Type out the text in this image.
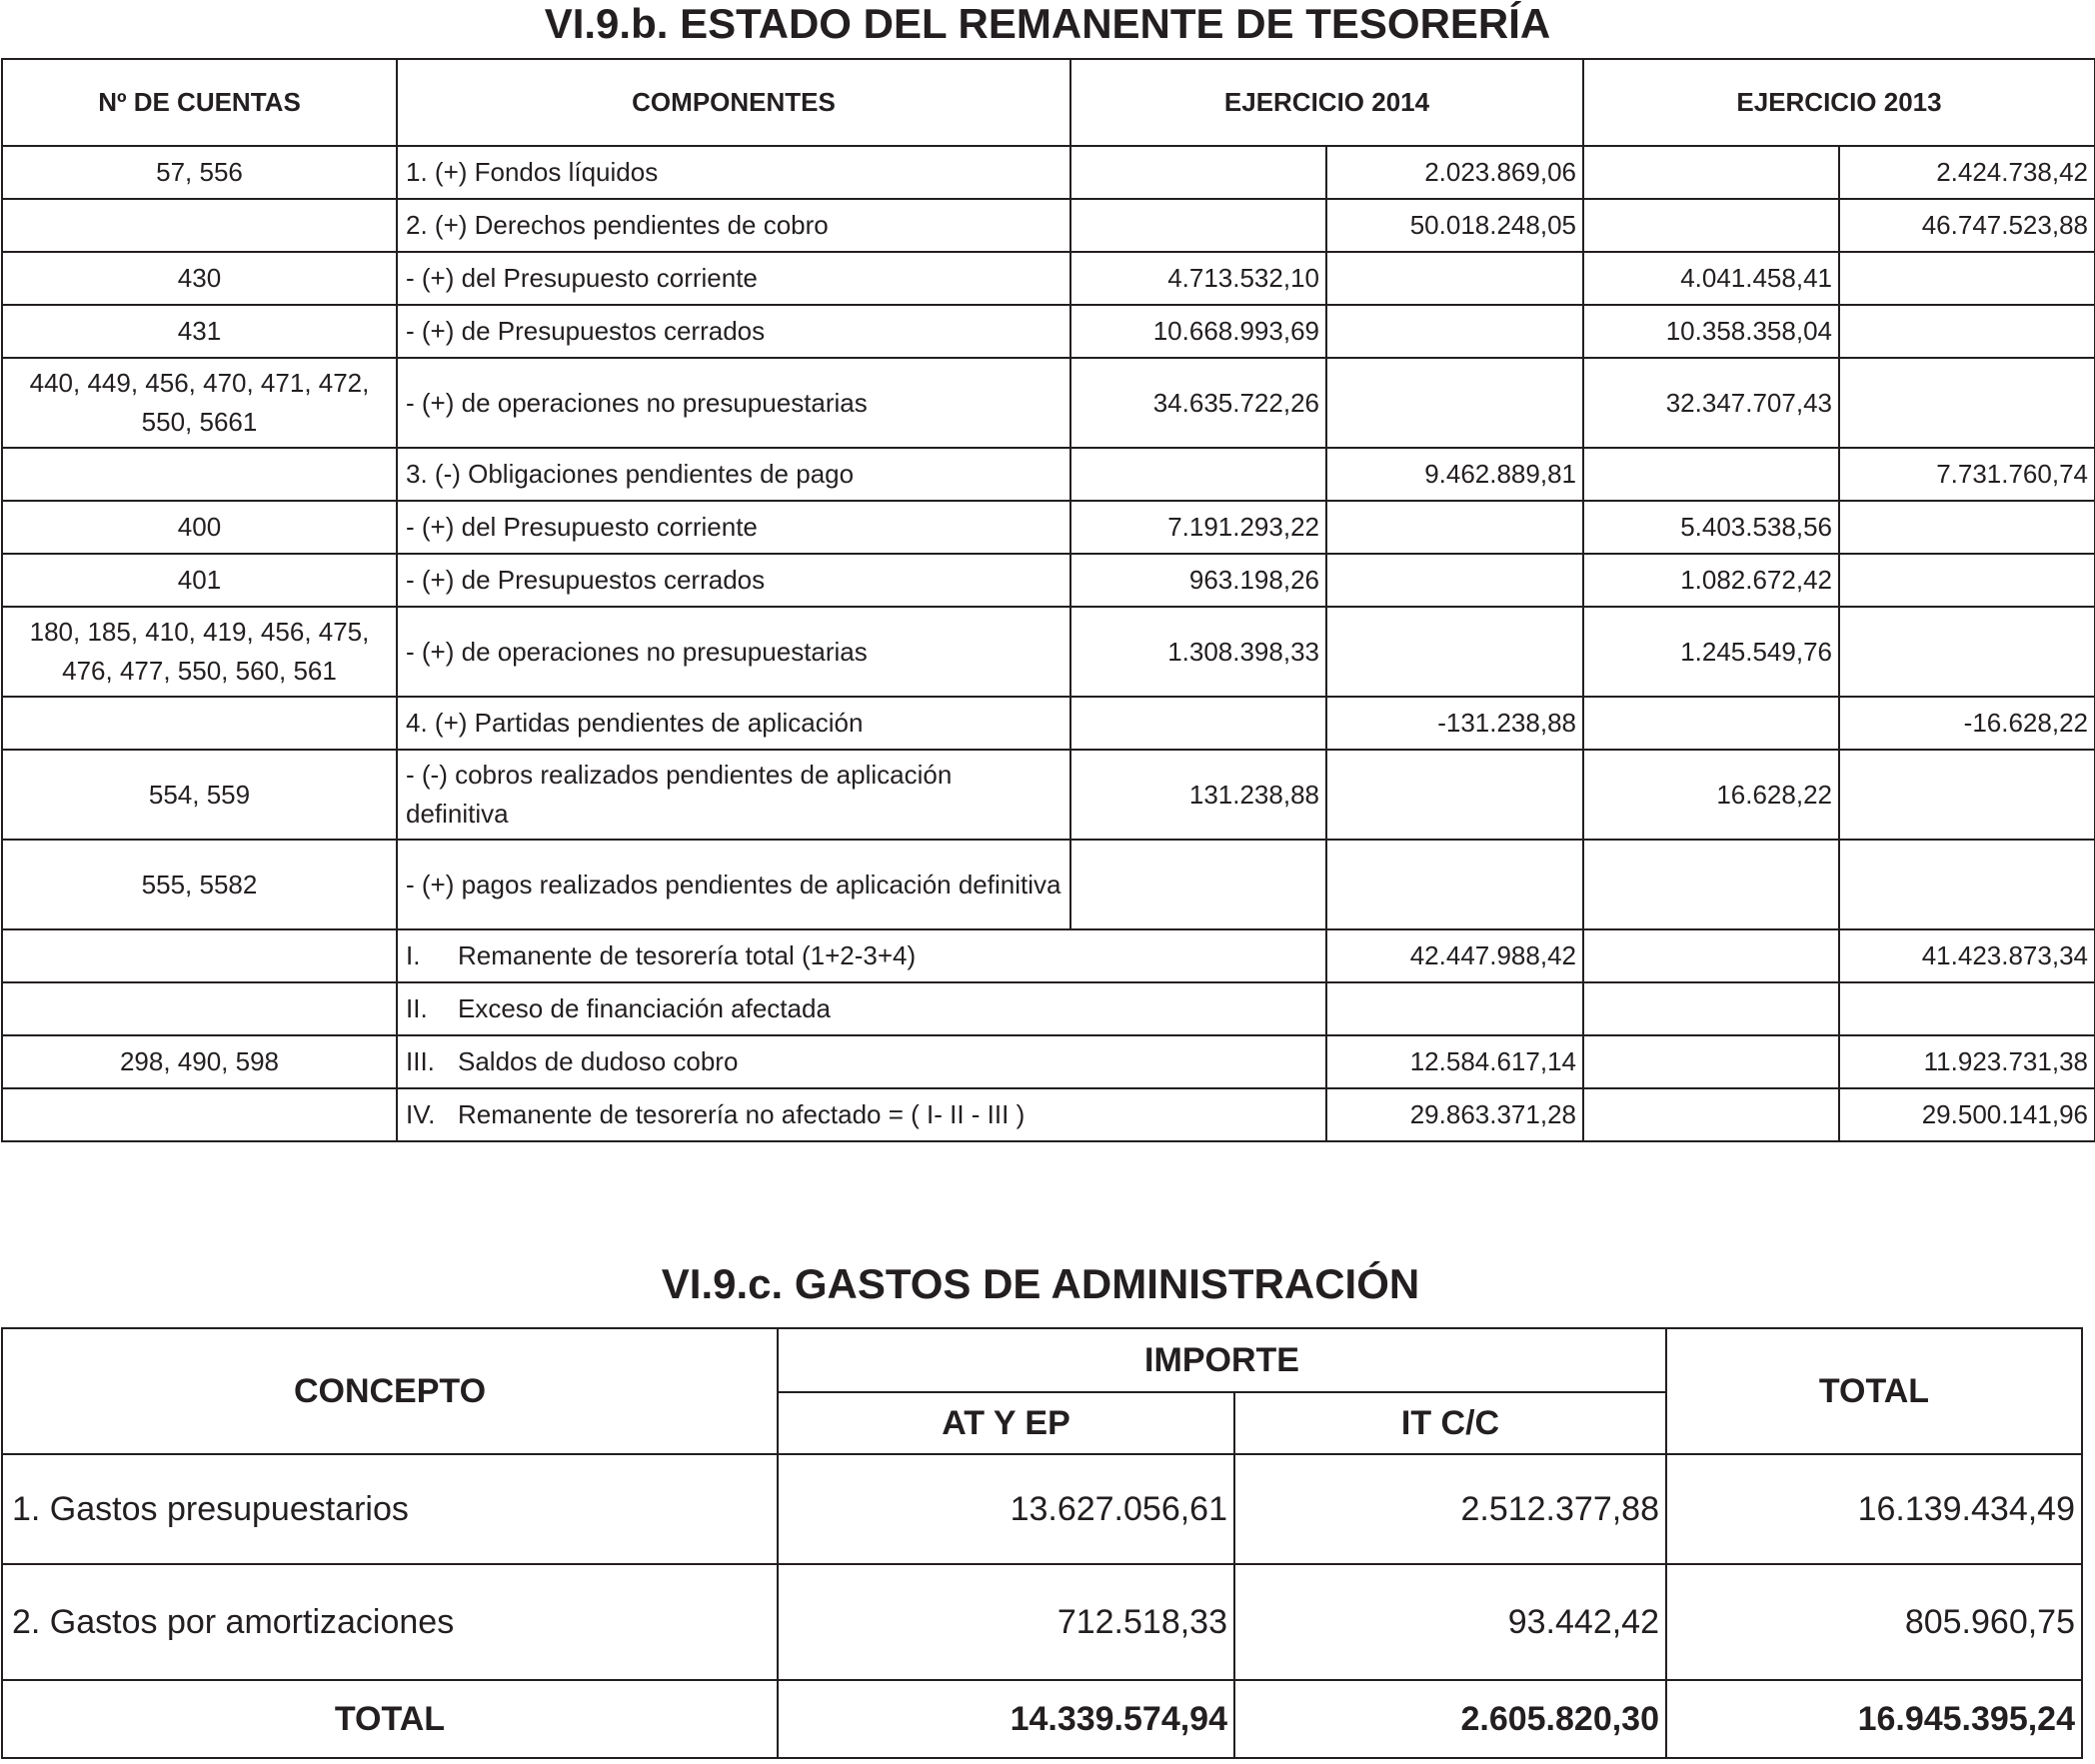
VI.9.b. ESTADO DEL REMANENTE DE TESORERÍA
Nº DE CUENTAS	COMPONENTES	EJERCICIO 2014		EJERCICIO 2013	
57, 556	1. (+) Fondos líquidos		2.023.869,06		2.424.738,42
	2. (+) Derechos pendientes de cobro		50.018.248,05		46.747.523,88
430	- (+) del Presupuesto corriente	4.713.532,10		4.041.458,41	
431	- (+) de Presupuestos cerrados	10.668.993,69		10.358.358,04	
440, 449, 456, 470, 471, 472, 550, 5661	- (+) de operaciones no presupuestarias	34.635.722,26		32.347.707,43	
	3. (-) Obligaciones pendientes de pago		9.462.889,81		7.731.760,74
400	- (+) del Presupuesto corriente	7.191.293,22		5.403.538,56	
401	- (+) de Presupuestos cerrados	963.198,26		1.082.672,42	
180, 185, 410, 419, 456, 475, 476, 477, 550, 560, 561	- (+) de operaciones no presupuestarias	1.308.398,33		1.245.549,76	
	4. (+) Partidas pendientes de aplicación		-131.238,88		-16.628,22
554, 559	- (-) cobros realizados pendientes de aplicación definitiva	131.238,88		16.628,22	
555, 5582	- (+) pagos realizados pendientes de aplicación definitiva				
	I. Remanente de tesorería total (1+2-3+4)		42.447.988,42		41.423.873,34
	II. Exceso de financiación afectada				
298, 490, 598	III. Saldos de dudoso cobro		12.584.617,14		11.923.731,38
	IV. Remanente de tesorería no afectado = ( I- II - III )		29.863.371,28		29.500.141,96
VI.9.c. GASTOS DE ADMINISTRACIÓN
CONCEPTO	IMPORTE		TOTAL
	AT Y EP	IT C/C	
1. Gastos presupuestarios	13.627.056,61	2.512.377,88	16.139.434,49
2. Gastos por amortizaciones	712.518,33	93.442,42	805.960,75
TOTAL	14.339.574,94	2.605.820,30	16.945.395,24
